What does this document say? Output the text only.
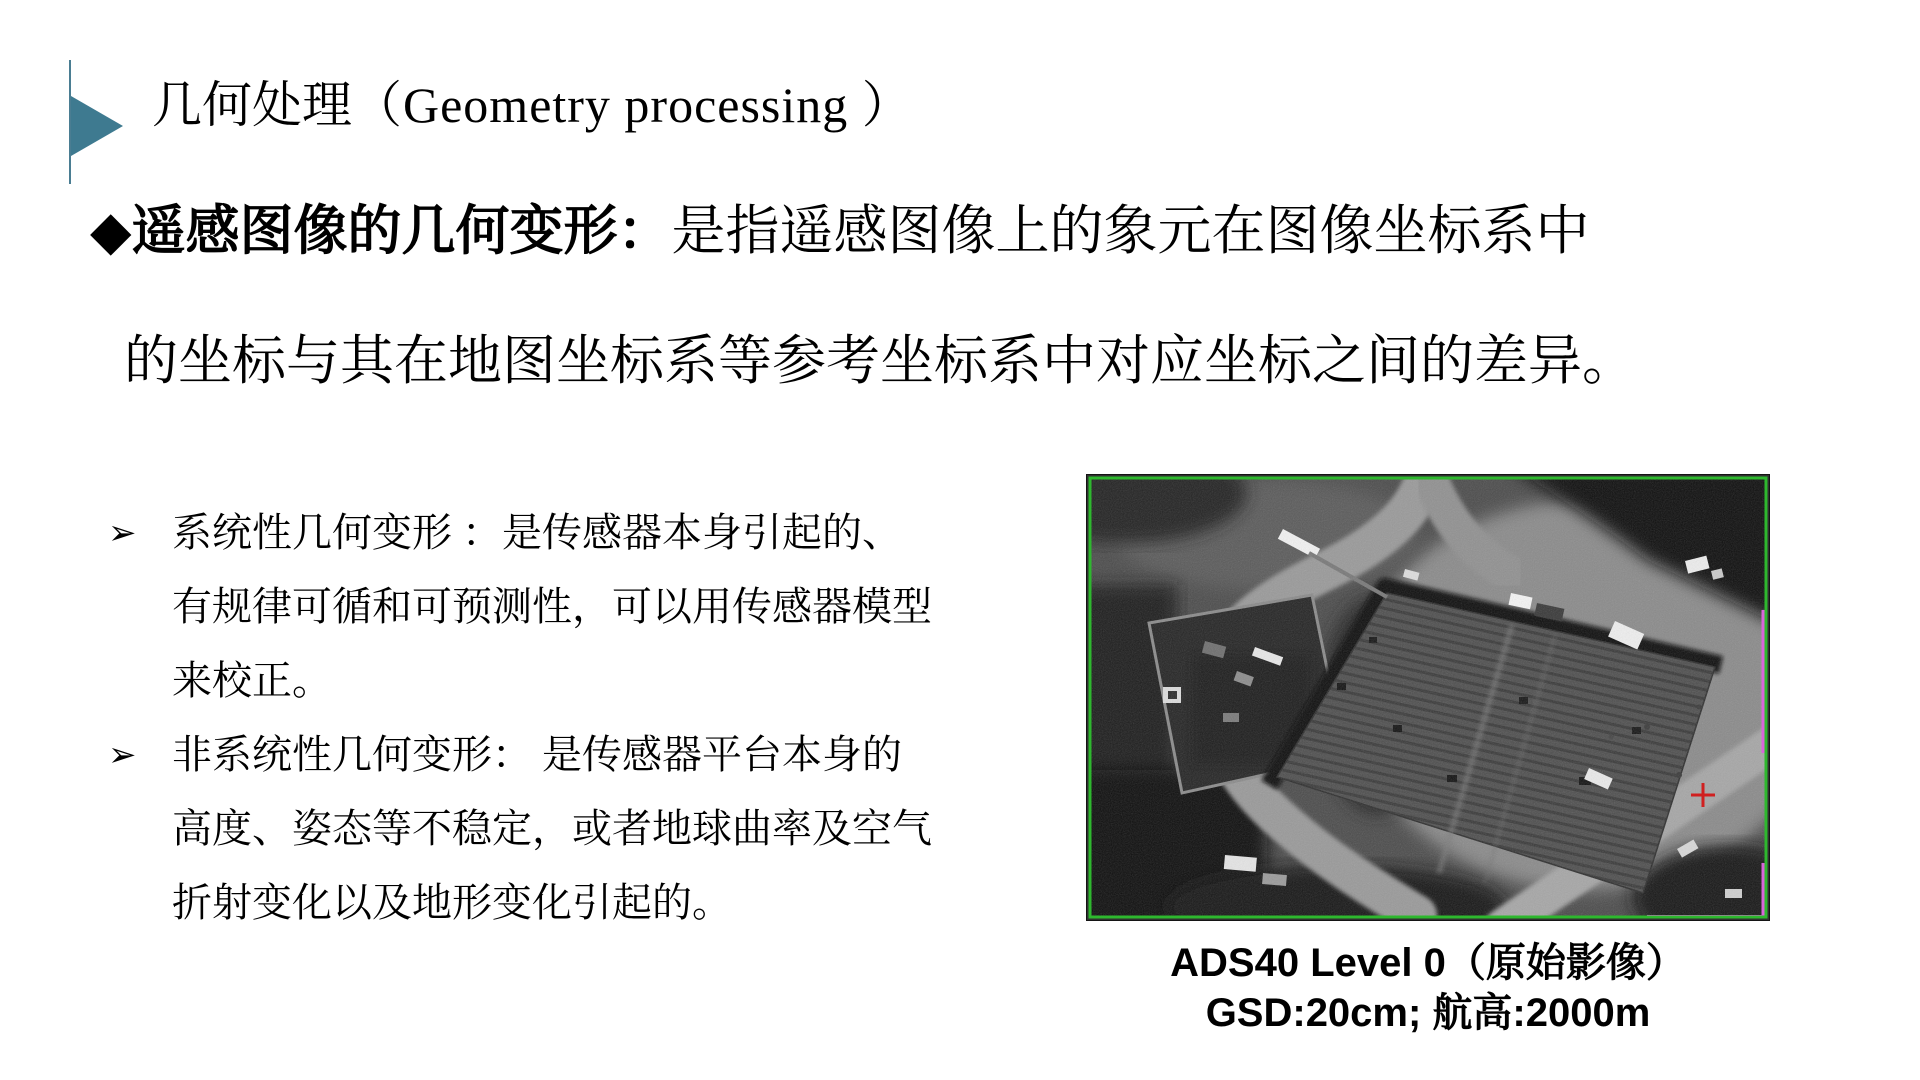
几何处理（Geometry processing ）
◆遥感图像的几何变形：是指遥感图像上的象元在图像坐标系中
的坐标与其在地图坐标系等参考坐标系中对应坐标之间的差异。
➢ 系统性几何变形 ：是传感器本身引起的、
有规律可循和可预测性，可以用传感器模型
来校正。
➢ 非系统性几何变形： 是传感器平台本身的
高度、姿态等不稳定，或者地球曲率及空气
折射变化以及地形变化引起的。
ADS40 Level 0（原始影像）
GSD:20cm; 航高:2000m
